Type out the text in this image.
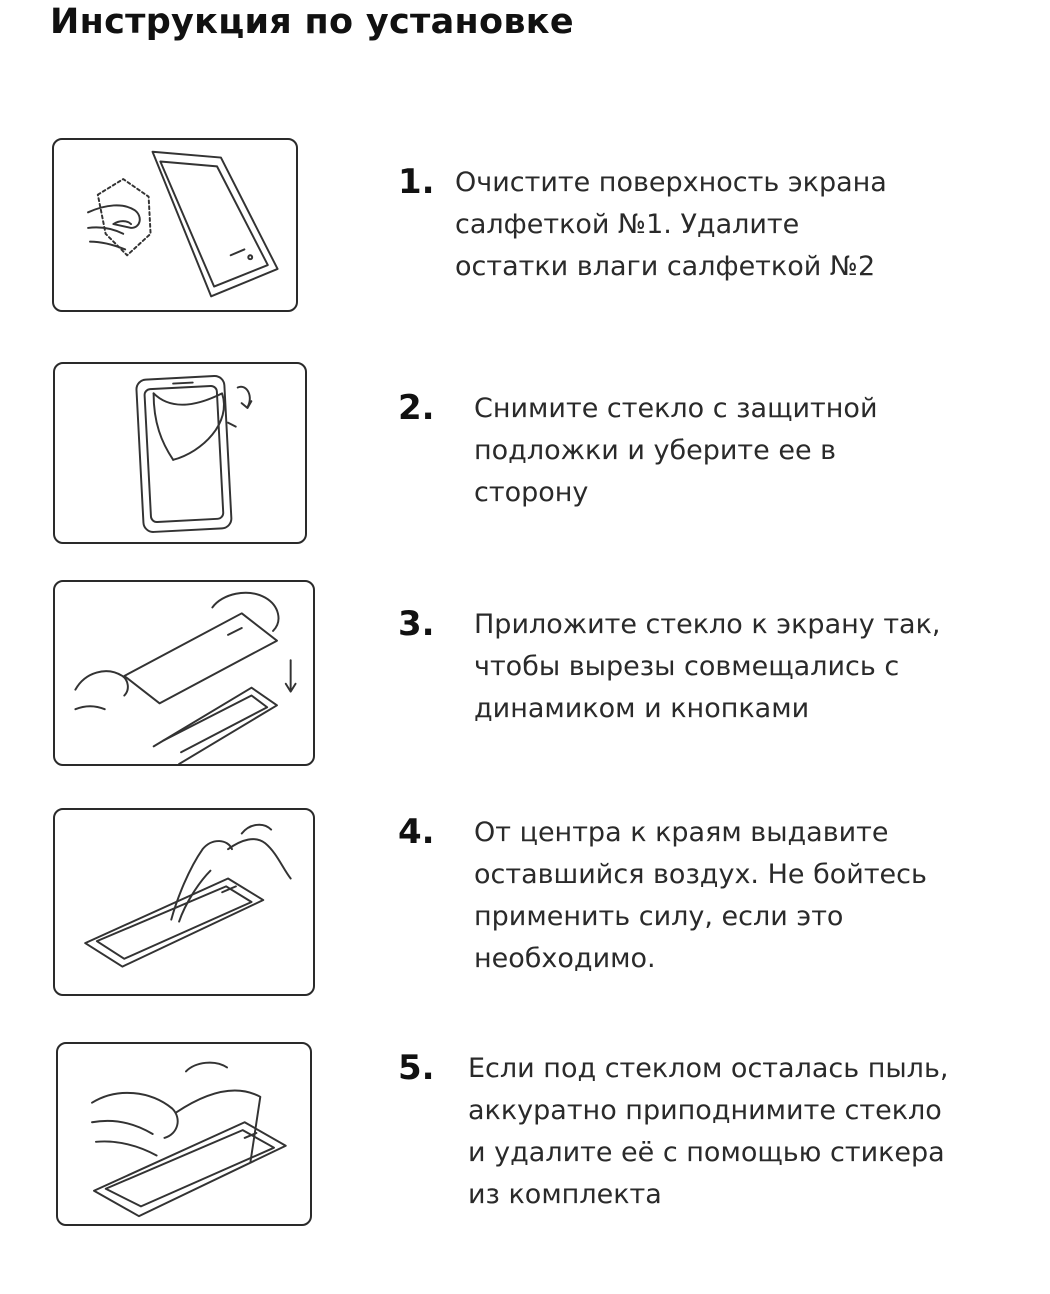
Инструкция по установке
1. Очистите поверхность экрана
салфеткой №1. Удалите
остатки влаги салфеткой №2
2. Снимите стекло с защитной
подложки и уберите ее в
сторону
3. Приложите стекло к экрану так,
чтобы вырезы совмещались с
динамиком и кнопками
4. От центра к краям выдавите
оставшийся воздух. Не бойтесь
применить силу, если это
необходимо.
5. Если под стеклом осталась пыль,
аккуратно приподнимите стекло
и удалите её с помощью стикера
из комплекта
